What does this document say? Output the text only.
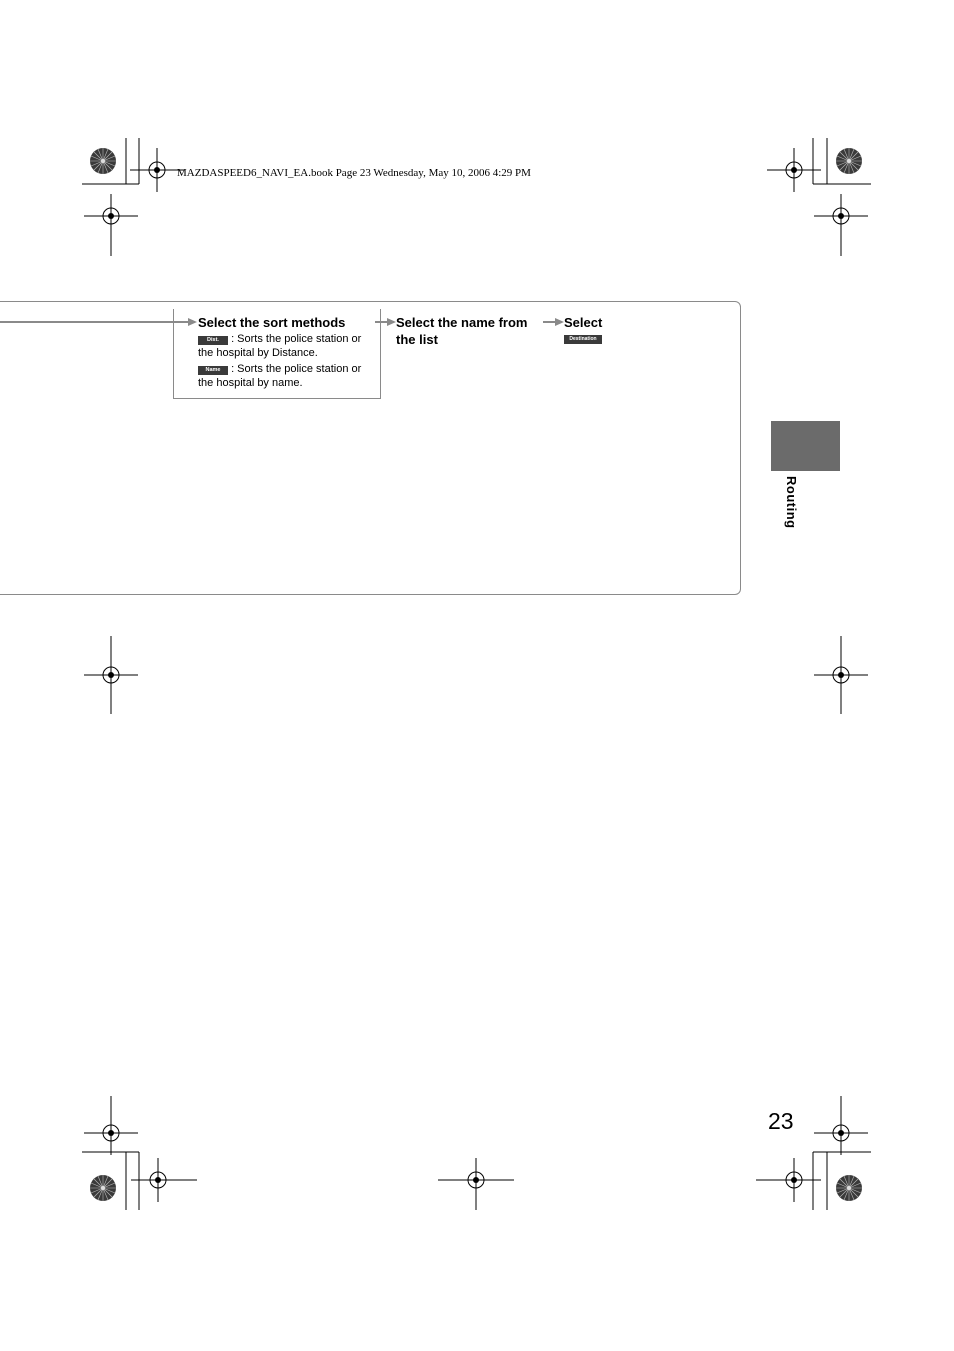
MAZDASPEED6_NAVI_EA.book Page 23 Wednesday, May 10, 2006 4:29 PM
Select the sort methods
Dist. : Sorts the police station or
the hospital by Distance.
Name : Sorts the police station or
the hospital by name.
Select the name from
the list
Select
Destination
Routing
23
